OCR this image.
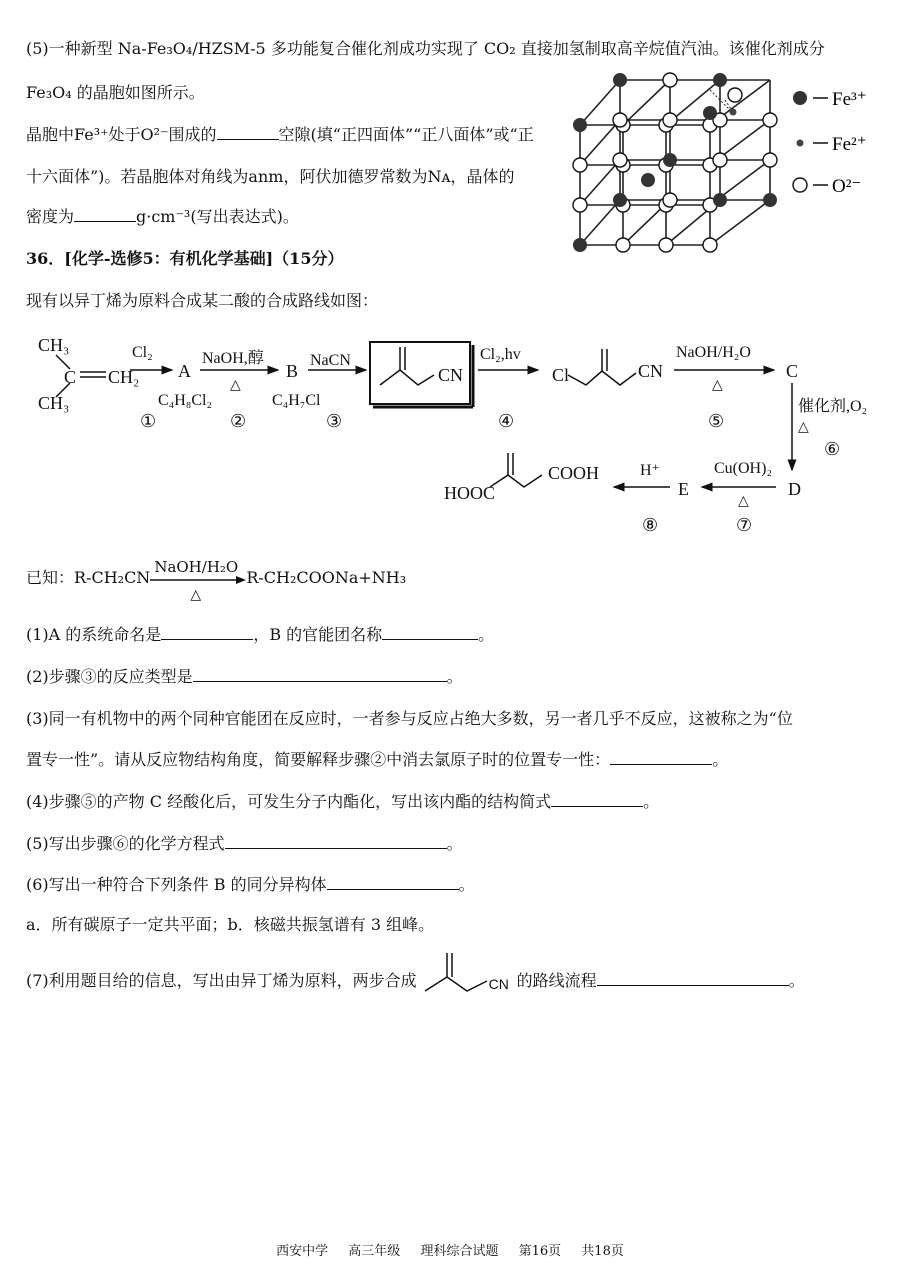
(5)一种新型 Na-Fe₃O₄/HZSM-5 多功能复合催化剂成功实现了 CO₂ 直接加氢制取高辛烷值汽油。该催化剂成分
Fe₃O₄ 的晶胞如图所示。
晶胞中Fe³⁺处于O²⁻围成的	空隙(填“正四面体”“正八面体”或“正
十六面体”)。若晶胞体对角线为anm，阿伏加德罗常数为Nᴀ，晶体的
密度为	g·cm⁻³(写出表达式)。
Fe³⁺
Fe²⁺
O²⁻
36．[化学-选修5：有机化学基础]（15分）
现有以异丁烯为原料合成某二酸的合成路线如图：
CH₃
C CH₂
CH₃
Cl₂
A
C₄H₈Cl₂
NaOH,醇
△
B
C₄H₇Cl
NaCN
CN
Cl₂,hv
Cl	CN
NaOH/H₂O
△
C
催化剂,O₂
△
D
Cu(OH)₂
△
E
H⁺
HOOC
COOH
①	②	③	④	⑤
⑥
⑦
⑧
已知：R-CH₂CN
NaOH/H₂O
△
R-CH₂COONa+NH₃
(1)A 的系统命名是	，B 的官能团名称	。
(2)步骤③的反应类型是	。
(3)同一有机物中的两个同种官能团在反应时，一者参与反应占绝大多数，另一者几乎不反应，这被称之为“位
置专一性”。请从反应物结构角度，简要解释步骤②中消去氯原子时的位置专一性：	。
(4)步骤⑤的产物 C 经酸化后，可发生分子内酯化，写出该内酯的结构简式	。
(5)写出步骤⑥的化学方程式	。
(6)写出一种符合下列条件 B 的同分异构体	。
a．所有碳原子一定共平面；b．核磁共振氢谱有 3 组峰。
(7)利用题目给的信息，写出由异丁烯为原料，两步合成	CN 的路线流程	。
西安中学 高三年级 理科综合试题 第16页 共18页
